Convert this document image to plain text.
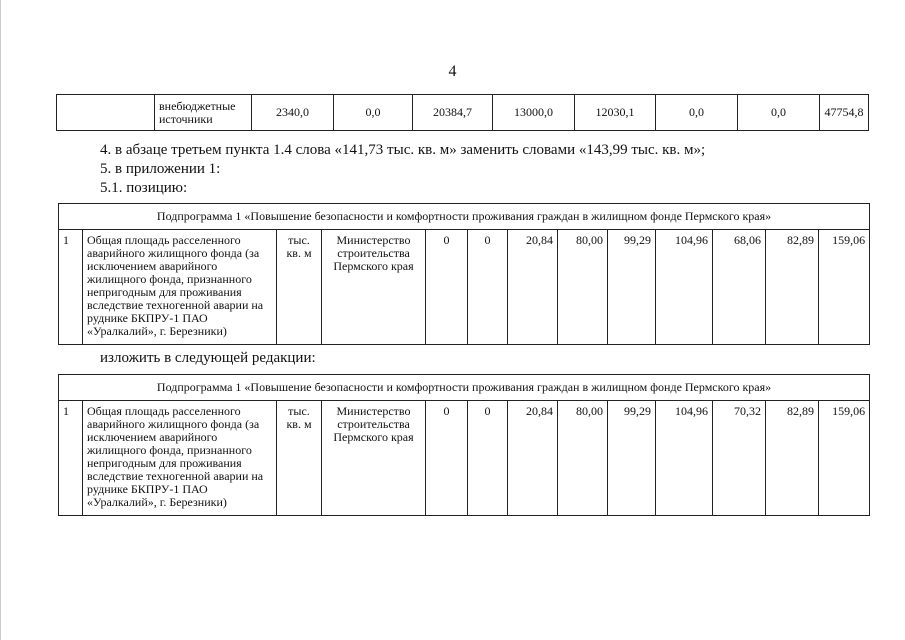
4
	внебюджетные источники	2340,0	0,0	20384,7	13000,0	12030,1	0,0	0,0	47754,8
4. в абзаце третьем пункта 1.4 слова «141,73 тыс. кв. м» заменить словами «143,99 тыс. кв. м»;
5. в приложении 1:
5.1. позицию:
Подпрограмма 1 «Повышение безопасности и комфортности проживания граждан в жилищном фонде Пермского края»
1	Общая площадь расселенного аварийного жилищного фонда (за исключением аварийного жилищного фонда, признанного непригодным для проживания вследствие техногенной аварии на руднике БКПРУ-1 ПАО «Уралкалий», г. Березники)	тыс. кв. м	Министерство строительства Пермского края	0	0	20,84	80,00	99,29	104,96	68,06	82,89	159,06
изложить в следующей редакции:
Подпрограмма 1 «Повышение безопасности и комфортности проживания граждан в жилищном фонде Пермского края»
1	Общая площадь расселенного аварийного жилищного фонда (за исключением аварийного жилищного фонда, признанного непригодным для проживания вследствие техногенной аварии на руднике БКПРУ-1 ПАО «Уралкалий», г. Березники)	тыс. кв. м	Министерство строительства Пермского края	0	0	20,84	80,00	99,29	104,96	70,32	82,89	159,06
